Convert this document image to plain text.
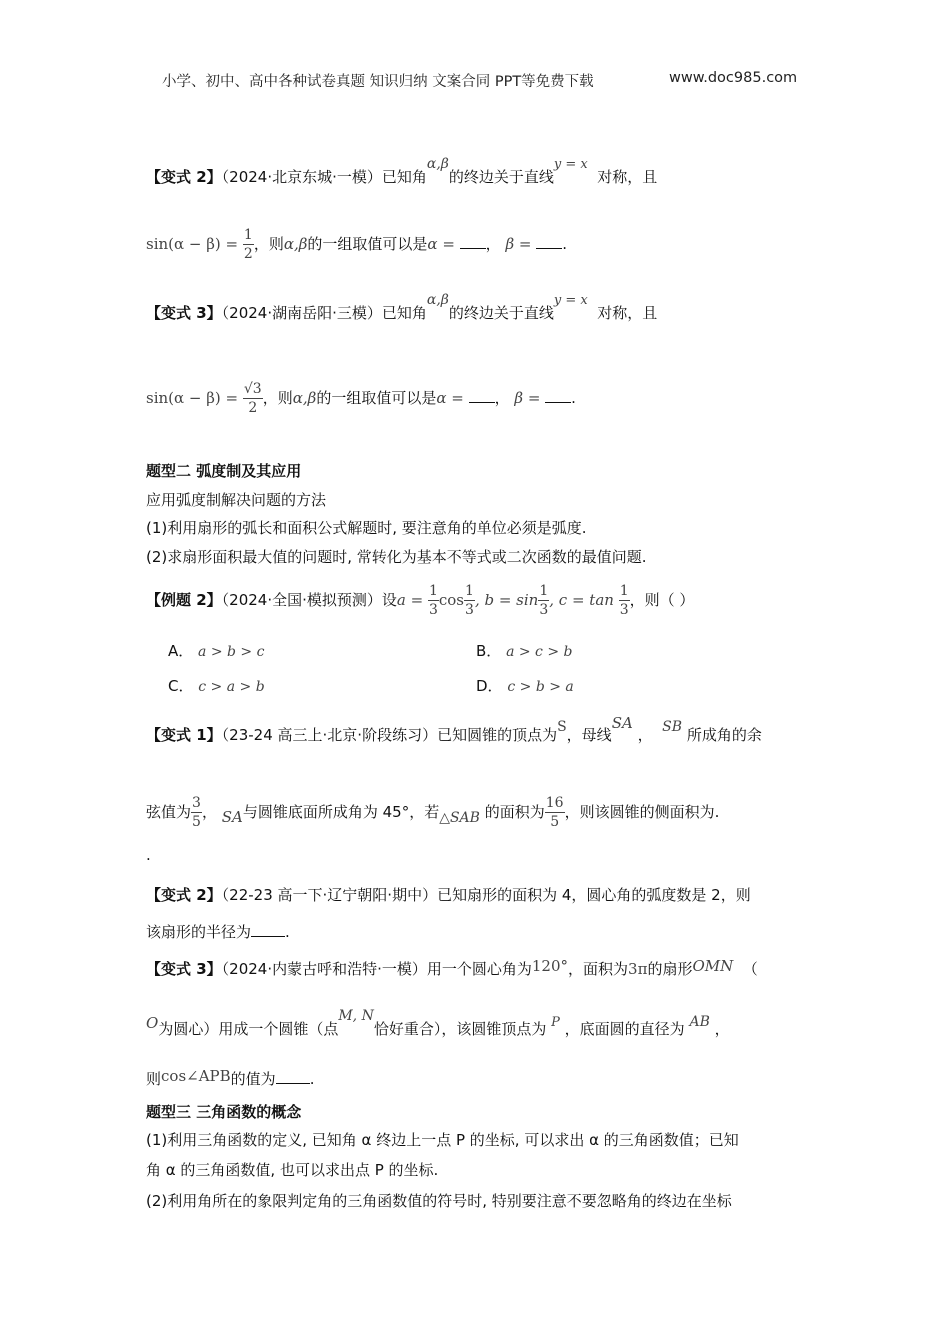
小学、初中、高中各种试卷真题 知识归纳 文案合同 PPT等免费下载	www.doc985.com
【变式 2】（2024·北京东城·一模）已知角α,β的终边关于直线y = x  对称，且
$\sin(\alpha - \beta) = \frac{1}{2}$ ，则α,β的一组取值可以是α = ， β = .
【变式 3】（2024·湖南岳阳·三模）已知角α,β的终边关于直线y = x  对称，且
$\sin(\alpha - \beta) = \frac{√3}{2}$ ，则α,β的一组取值可以是α = ， β = .
题型二 弧度制及其应用
应用弧度制解决问题的方法
(1)利用扇形的弧长和面积公式解题时, 要注意角的单位必须是弧度.
(2)求扇形面积最大值的问题时, 常转化为基本不等式或二次函数的最值问题.
【例题 2】（2024·全国·模拟预测）设$a = \frac{1}{3}$ $\cos \frac{1}{3}$ , $b = \sin \frac{1}{3}$ , $c = \tan \frac{1}{3}$ ，则（ ）
A． a > b > c	B． a > c > b
C． c > a > b	D． c > b > a
【变式 1】（23-24 高三上·北京·阶段练习）已知圆锥的顶点为S，母线SA ， SB 所成角的余
弦值为 $\frac{3}{5}$ ， SA与圆锥底面所成角为 45°，若△SAB 的面积为 $\frac{16}{5}$ ，则该圆锥的侧面积为.
.
【变式 2】（22-23 高一下·辽宁朝阳·期中）已知扇形的面积为 4，圆心角的弧度数是 2，则
该扇形的半径为 .
【变式 3】（2024·内蒙古呼和浩特·一模）用一个圆心角为120°，面积为3π的扇形OMN （
O为圆心）用成一个圆锥（点M, N恰好重合），该圆锥顶点为 P ，底面圆的直径为 AB ，
则cos∠APB的值为 .
题型三 三角函数的概念
(1)利用三角函数的定义, 已知角 α 终边上一点 P 的坐标, 可以求出 α 的三角函数值；已知
角 α 的三角函数值, 也可以求出点 P 的坐标.
(2)利用角所在的象限判定角的三角函数值的符号时, 特别要注意不要忽略角的终边在坐标
